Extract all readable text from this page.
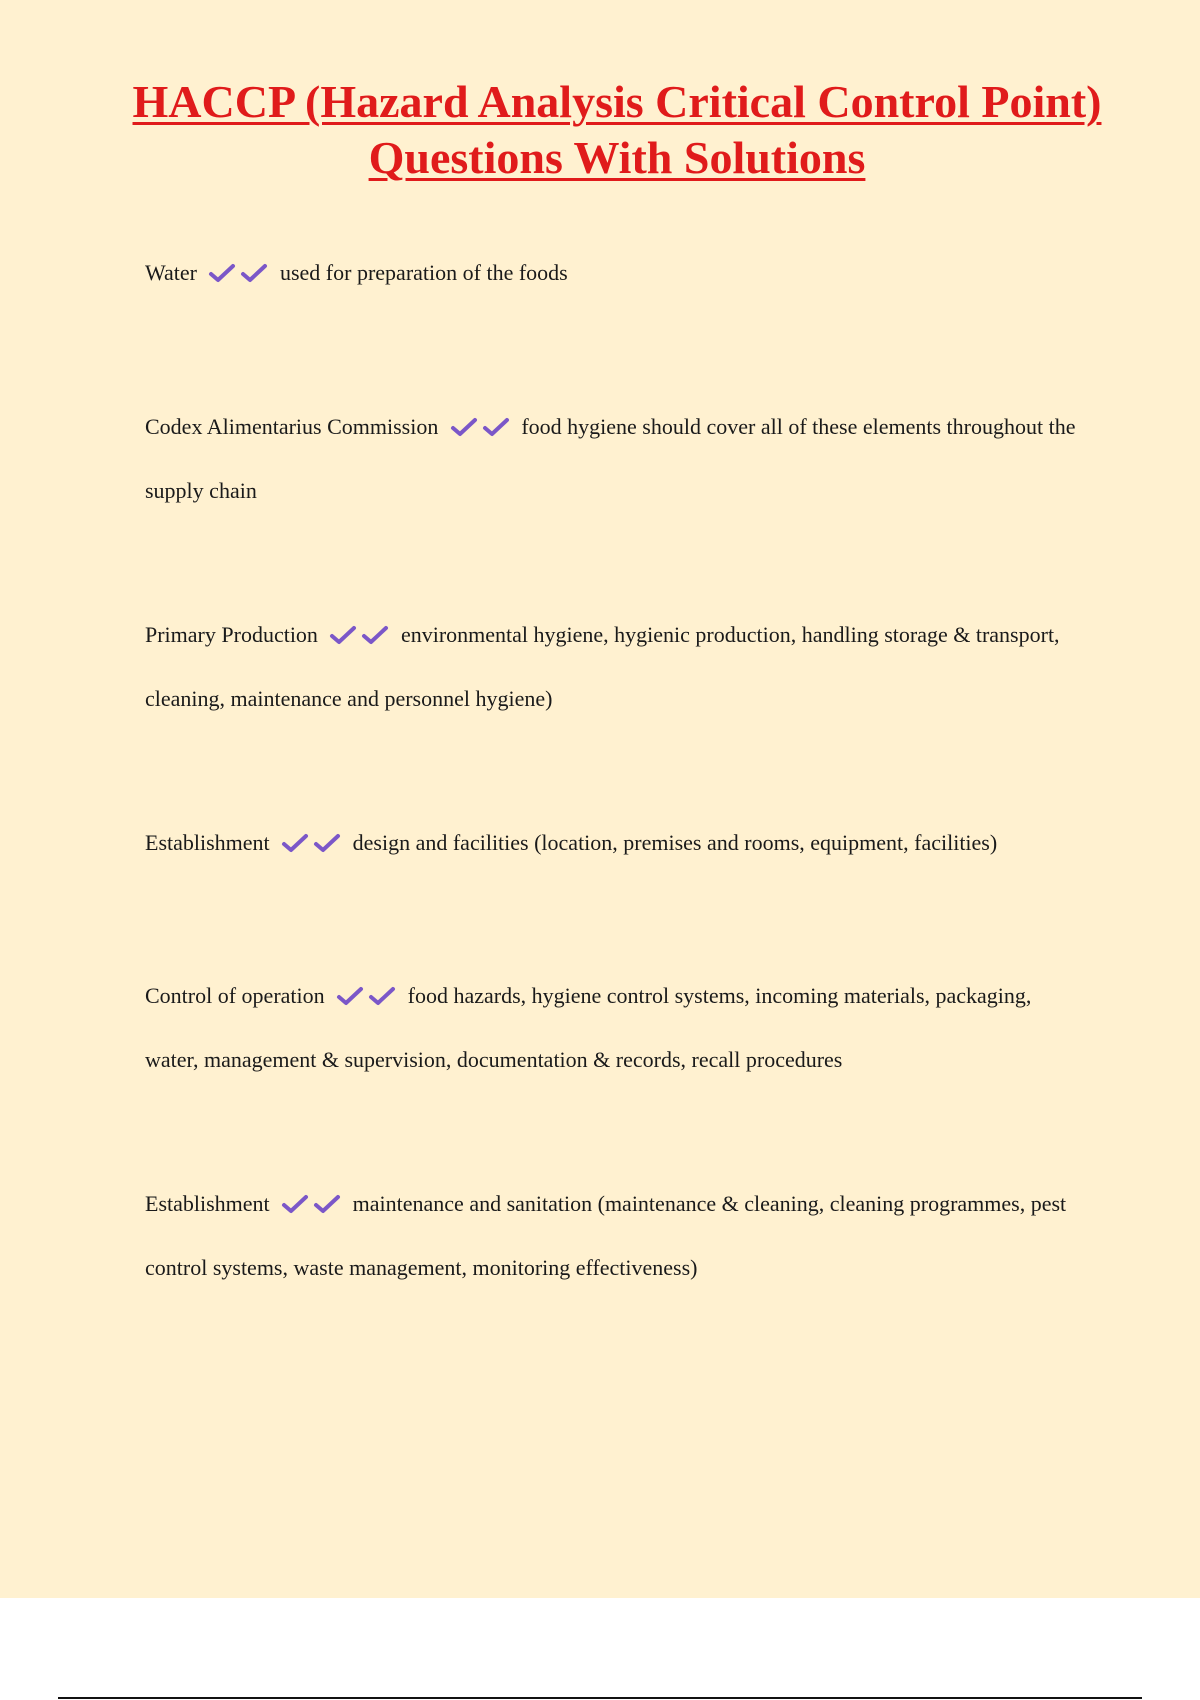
HACCP (Hazard Analysis Critical Control Point) Questions With Solutions
Water	used for preparation of the foods
Codex Alimentarius Commission	food hygiene should cover all of these elements throughout the supply chain
Primary Production	environmental hygiene, hygienic production, handling storage & transport, cleaning, maintenance and personnel hygiene)
Establishment	design and facilities (location, premises and rooms, equipment, facilities)
Control of operation	food hazards, hygiene control systems, incoming materials, packaging, water, management & supervision, documentation & records, recall procedures
Establishment	maintenance and sanitation (maintenance & cleaning, cleaning programmes, pest control systems, waste management, monitoring effectiveness)
